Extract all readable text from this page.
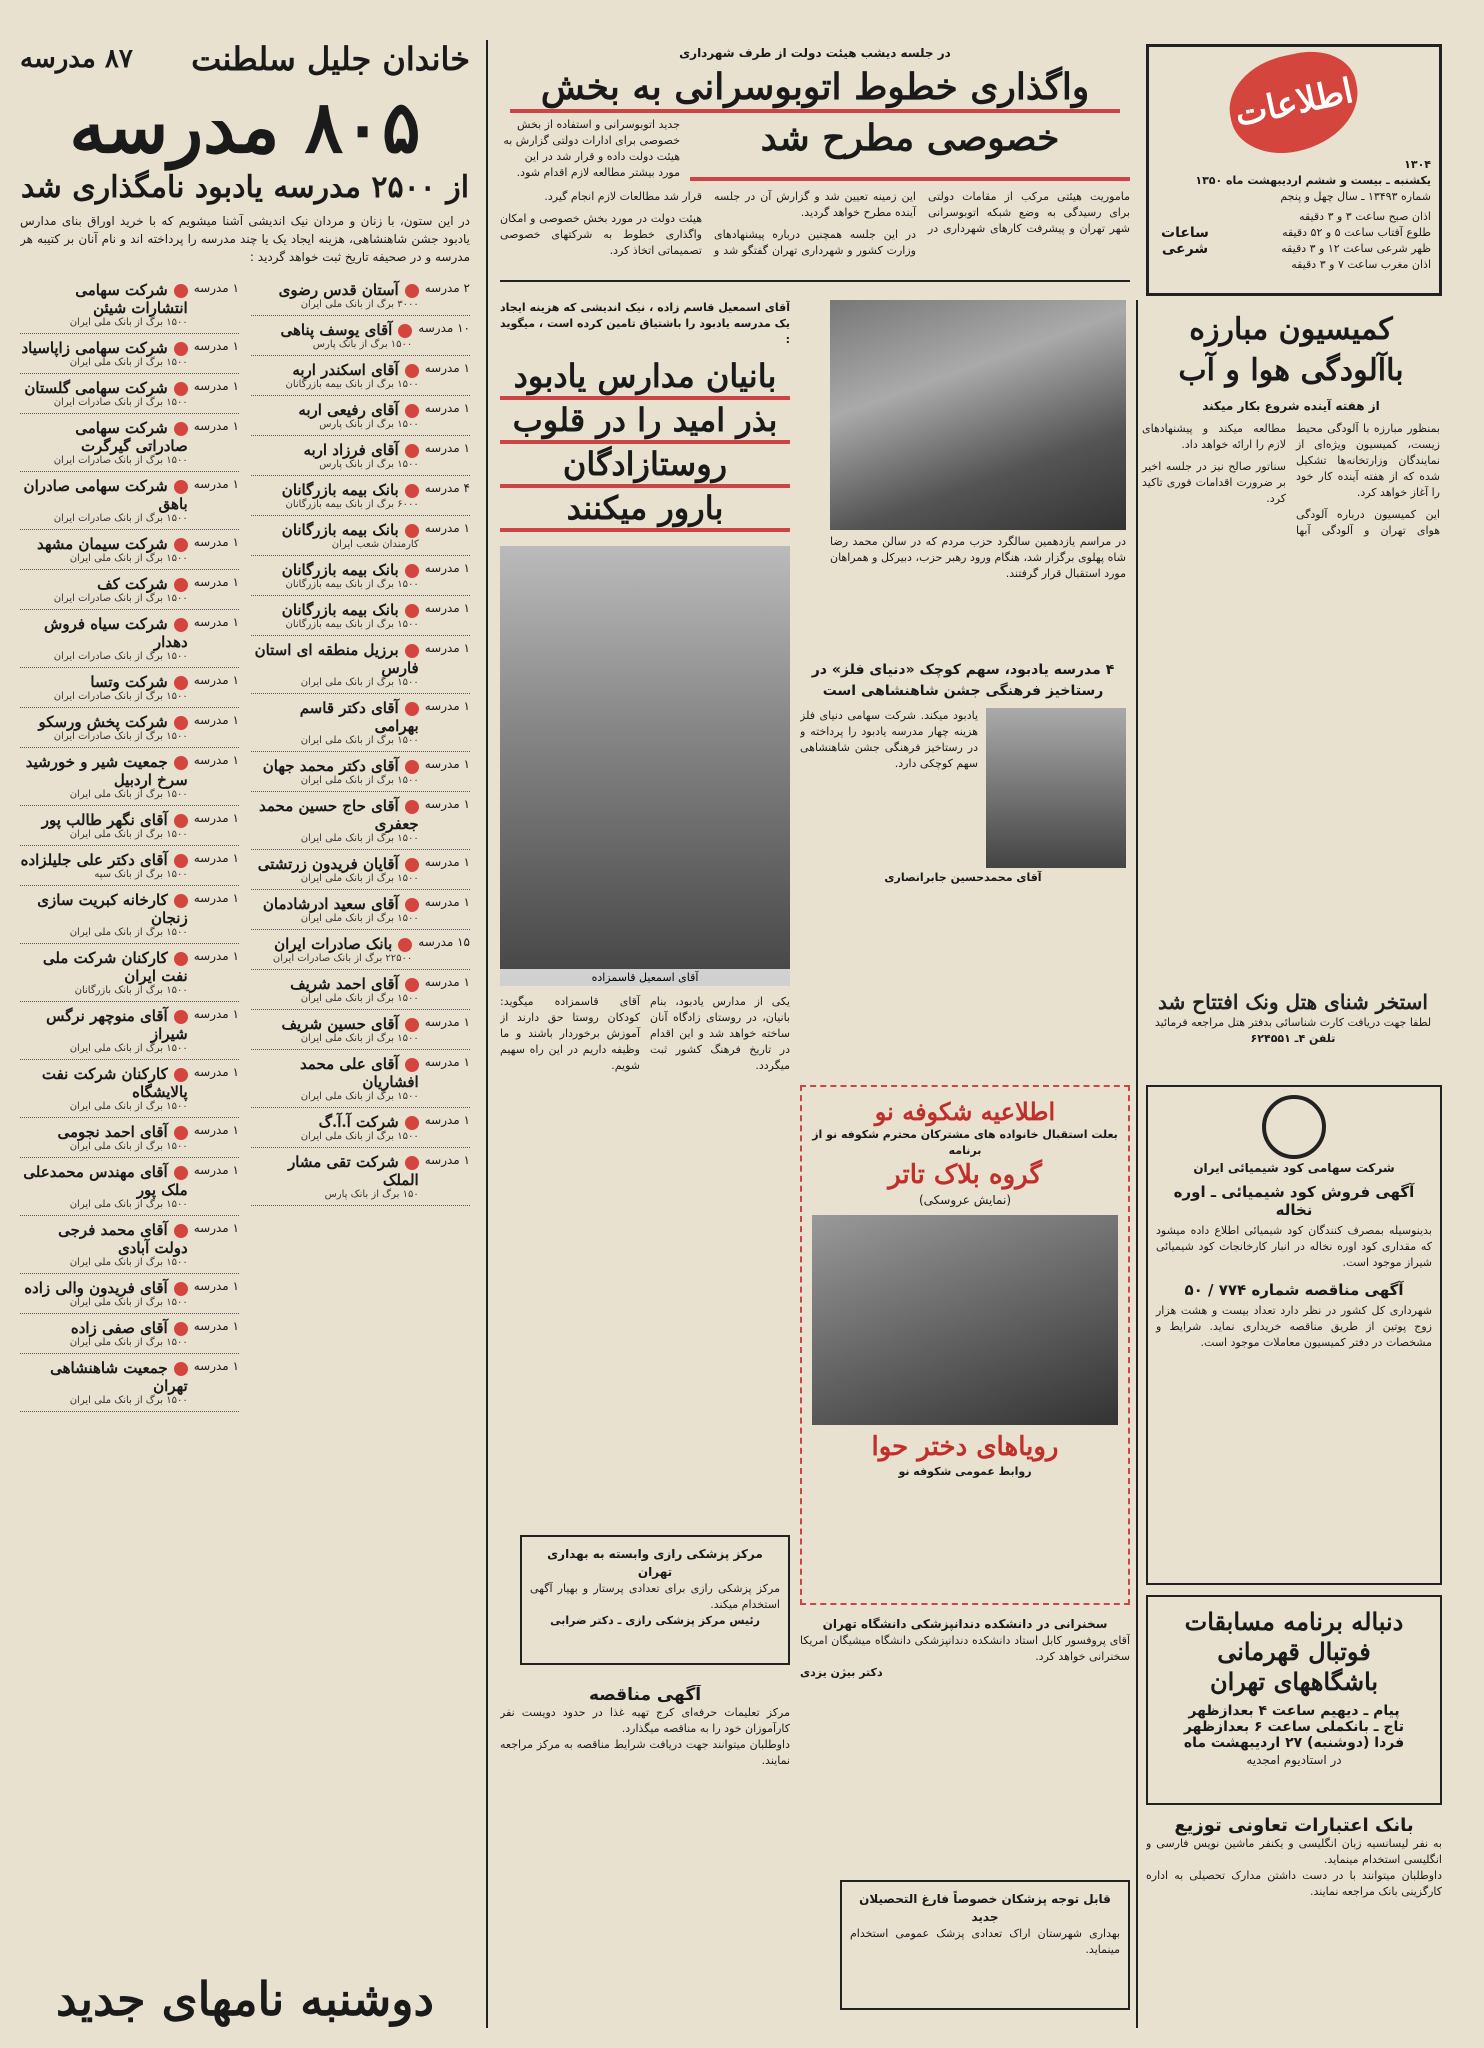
اطلاعات
۱۳۰۴
یکشنبه ـ بیست و ششم اردیبهشت ماه ۱۳۵۰
شماره ۱۳۴۹۳ ـ سال چهل و پنجم
اذان صبح ساعت ۳ و ۳ دقیقه
طلوع آفتاب ساعت ۵ و ۵۲ دقیقه
ظهر شرعی ساعت ۱۲ و ۳ دقیقه
اذان مغرب ساعت ۷ و ۳ دقیقه
ساعات شرعی
در جلسه دیشب هیئت دولت از طرف شهرداری
واگذاری خطوط اتوبوسرانی به بخش
خصوصی مطرح شد
جدید اتوبوسرانی و استفاده از بخش خصوصی برای ادارات دولتی گزارش به هیئت دولت داده و قرار شد در این مورد بیشتر مطالعه لازم اقدام شود.

ماموریت هیئتی مرکب از مقامات دولتی برای رسیدگی به وضع شبکه اتوبوسرانی شهر تهران و پیشرفت کارهای شهرداری در این زمینه تعیین شد و گزارش آن در جلسه آینده مطرح خواهد گردید.

در این جلسه همچنین درباره پیشنهادهای وزارت کشور و شهرداری تهران گفتگو شد و قرار شد مطالعات لازم انجام گیرد.

هیئت دولت در مورد بخش خصوصی و امکان واگذاری خطوط به شرکتهای خصوصی تصمیماتی اتخاذ کرد.

در مراسم یازدهمین سالگرد حزب مردم که در سالن محمد رضا شاه پهلوی برگزار شد، هنگام ورود رهبر حزب، دبیرکل و همراهان مورد استقبال قرار گرفتند.
آقای اسمعیل قاسم زاده ، نیک اندیشی که هزینه ایجاد یک مدرسه یادبود را باشتیاق تامین کرده است ، میگوید :
بانیان مدارس یادبود
بذر امید را در قلوب
روستازادگان
بارور میکنند
آقای اسمعیل قاسمزاده

یکی از مدارس یادبود، بنام بانیان، در روستای زادگاه آنان ساخته خواهد شد و این اقدام در تاریخ فرهنگ کشور ثبت میگردد.

آقای قاسمزاده میگوید: کودکان روستا حق دارند از آموزش برخوردار باشند و ما وظیفه داریم در این راه سهیم شویم.

کمیسیون مبارزه باآلودگی هوا و آب
از هفته آینده شروع بکار میکند

بمنظور مبارزه با آلودگی محیط زیست، کمیسیون ویژه‌ای از نمایندگان وزارتخانه‌ها تشکیل شده که از هفته آینده کار خود را آغاز خواهد کرد.

این کمیسیون درباره آلودگی هوای تهران و آلودگی آبها مطالعه میکند و پیشنهادهای لازم را ارائه خواهد داد.

سناتور صالح نیز در جلسه اخیر بر ضرورت اقدامات فوری تاکید کرد.

۴ مدرسه یادبود، سهم کوچک «دنیای فلز» در رستاخیز فرهنگی جشن شاهنشاهی است
یادبود میکند. شرکت سهامی دنیای فلز هزینه چهار مدرسه یادبود را پرداخته و در رستاخیز فرهنگی جشن شاهنشاهی سهم کوچکی دارد.
آقای محمدحسین جابرانصاری
استخر شنای هتل ونک افتتاح شد
لطفا جهت دریافت کارت شناسائی بدفتر هتل مراجعه فرمائید
تلفن ۴ـ ۶۲۴۵۵۱
شرکت سهامی کود شیمیائی ایران
آگهی فروش کود شیمیائی ـ اوره نخاله
بدینوسیله بمصرف کنندگان کود شیمیائی اطلاع داده میشود که مقداری کود اوره نخاله در انبار کارخانجات کود شیمیائی شیراز موجود است.
آگهی مناقصه شماره ۷۷۴ / ۵۰
شهرداری کل کشور در نظر دارد تعداد بیست و هشت هزار زوج پوتین از طریق مناقصه خریداری نماید. شرایط و مشخصات در دفتر کمیسیون معاملات موجود است.
دنباله برنامه مسابقات
فوتبال قهرمانی
باشگاههای تهران
پیام ـ دیهیم ساعت ۴ بعدازظهر
تاج ـ بانکملی ساعت ۶ بعدازظهر
فردا (دوشنبه) ۲۷ اردیبهشت ماه
در استادیوم امجدیه
بانک اعتبارات تعاونی توزیع
به نفر لیسانسیه زبان انگلیسی و یکنفر ماشین نویس فارسی و انگلیسی استخدام مینماید.
داوطلبان میتوانند با در دست داشتن مدارک تحصیلی به اداره کارگزینی بانک مراجعه نمایند.
اطلاعیه شکوفه نو
بعلت استقبال خانواده های مشترکان محترم شکوفه نو از برنامه
گروه بلاک تاتر
(نمایش عروسکی)
رویاهای دختر حوا
روابط عمومی شکوفه نو
مرکز پزشکی رازی وابسته به بهداری تهران
مرکز پزشکی رازی برای تعدادی پرستار و بهیار آگهی استخدام میکند.
رئیس مرکز پزشکی رازی ـ دکتر ضرابی
آگهی مناقصه
مرکز تعلیمات حرفه‌ای کرج تهیه غذا در حدود دویست نفر کارآموزان خود را به مناقصه میگذارد.
داوطلبان میتوانند جهت دریافت شرایط مناقصه به مرکز مراجعه نمایند.
سخنرانی در دانشکده دندانپزشکی دانشگاه تهران
آقای پروفسور کابل استاد دانشکده دندانپزشکی دانشگاه میشیگان امریکا سخنرانی خواهد کرد.
دکتر بیژن یزدی
قابل توجه پزشکان خصوصاً فارغ التحصیلان جدید
بهداری شهرستان اراک تعدادی پزشک عمومی استخدام مینماید.
خاندان جلیل سلطنت
۸۷ مدرسه
۸۰۵ مدرسه
از ۲۵۰۰ مدرسه یادبود نامگذاری شد
در این ستون، با زنان و مردان نیک اندیشی آشنا میشویم که با خرید اوراق بنای مدارس یادبود جشن شاهنشاهی، هزینه ایجاد یک یا چند مدرسه را پرداخته اند و نام آنان بر کتیبه هر مدرسه و در صحیفه تاریخ ثبت خواهد گردید :
آستان قدس رضوی
۳۰۰۰ برگ از بانک ملی ایران
۲ مدرسه
آقای یوسف پناهی
۱۵۰۰ برگ از بانک پارس
۱۰ مدرسه
آقای اسکندر اربه
۱۵۰۰ برگ از بانک بیمه بازرگانان
۱ مدرسه
آقای رفیعی اربه
۱۵۰۰ برگ از بانک پارس
۱ مدرسه
آقای فرزاد اربه
۱۵۰۰ برگ از بانک پارس
۱ مدرسه
بانک بیمه بازرگانان
۶۰۰۰ برگ از بانک بیمه بازرگانان
۴ مدرسه
بانک بیمه بازرگانان
کارمندان شعب ایران
۱ مدرسه
بانک بیمه بازرگانان
۱۵۰۰ برگ از بانک بیمه بازرگانان
۱ مدرسه
بانک بیمه بازرگانان
۱۵۰۰ برگ از بانک بیمه بازرگانان
۱ مدرسه
برزیل منطقه ای استان فارس
۱۵۰۰ برگ از بانک ملی ایران
۱ مدرسه
آقای دکتر قاسم بهرامی
۱۵۰۰ برگ از بانک ملی ایران
۱ مدرسه
آقای دکتر محمد جهان
۱۵۰۰ برگ از بانک ملی ایران
۱ مدرسه
آقای حاج حسین محمد جعفری
۱۵۰۰ برگ از بانک ملی ایران
۱ مدرسه
آقایان فریدون زرتشتی
۱۵۰۰ برگ از بانک ملی ایران
۱ مدرسه
آقای سعید ادرشادمان
۱۵۰۰ برگ از بانک ملی ایران
۱ مدرسه
بانک صادرات ایران
۲۲۵۰۰ برگ از بانک صادرات ایران
۱۵ مدرسه
آقای احمد شریف
۱۵۰۰ برگ از بانک ملی ایران
۱ مدرسه
آقای حسین شریف
۱۵۰۰ برگ از بانک ملی ایران
۱ مدرسه
آقای علی محمد افشاریان
۱۵۰۰ برگ از بانک ملی ایران
۱ مدرسه
شرکت آ.آ.گ
۱۵۰۰ برگ از بانک ملی ایران
۱ مدرسه
شرکت تقی مشار الملک
۱۵۰ برگ از بانک پارس
۱ مدرسه
شرکت سهامی انتشارات شیئن
۱۵۰۰ برگ از بانک ملی ایران
۱ مدرسه
شرکت سهامی زاپاسیاد
۱۵۰۰ برگ از بانک ملی ایران
۱ مدرسه
شرکت سهامی گلستان
۱۵۰۰ برگ از بانک صادرات ایران
۱ مدرسه
شرکت سهامی صادراتی گیرگرت
۱۵۰۰ برگ از بانک صادرات ایران
۱ مدرسه
شرکت سهامی صادران باهق
۱۵۰۰ برگ از بانک صادرات ایران
۱ مدرسه
شرکت سیمان مشهد
۱۵۰۰ برگ از بانک ملی ایران
۱ مدرسه
شرکت کف
۱۵۰۰ برگ از بانک صادرات ایران
۱ مدرسه
شرکت سیاه فروش دهدار
۱۵۰۰ برگ از بانک صادرات ایران
۱ مدرسه
شرکت وتسا
۱۵۰۰ برگ از بانک صادرات ایران
۱ مدرسه
شرکت پخش ورسکو
۱۵۰۰ برگ از بانک صادرات ایران
۱ مدرسه
جمعیت شیر و خورشید سرخ اردبیل
۱۵۰۰ برگ از بانک ملی ایران
۱ مدرسه
آقای نگهر طالب پور
۱۵۰۰ برگ از بانک ملی ایران
۱ مدرسه
آقای دکتر علی جلیلزاده
۱۵۰۰ برگ از بانک سپه
۱ مدرسه
کارخانه کبریت سازی زنجان
۱۵۰۰ برگ از بانک ملی ایران
۱ مدرسه
کارکنان شرکت ملی نفت ایران
۱۵۰۰ برگ از بانک بازرگانان
۱ مدرسه
آقای منوچهر نرگس شیراز
۱۵۰۰ برگ از بانک ملی ایران
۱ مدرسه
کارکنان شرکت نفت پالایشگاه
۱۵۰۰ برگ از بانک ملی ایران
۱ مدرسه
آقای احمد نجومی
۱۵۰۰ برگ از بانک ملی ایران
۱ مدرسه
آقای مهندس محمدعلی ملک پور
۱۵۰۰ برگ از بانک ملی ایران
۱ مدرسه
آقای محمد فرجی دولت آبادی
۱۵۰۰ برگ از بانک ملی ایران
۱ مدرسه
آقای فریدون والی زاده
۱۵۰۰ برگ از بانک ملی ایران
۱ مدرسه
آقای صفی زاده
۱۵۰۰ برگ از بانک ملی ایران
۱ مدرسه
جمعیت شاهنشاهی تهران
۱۵۰۰ برگ از بانک ملی ایران
۱ مدرسه
دوشنبه نامهای جدید
